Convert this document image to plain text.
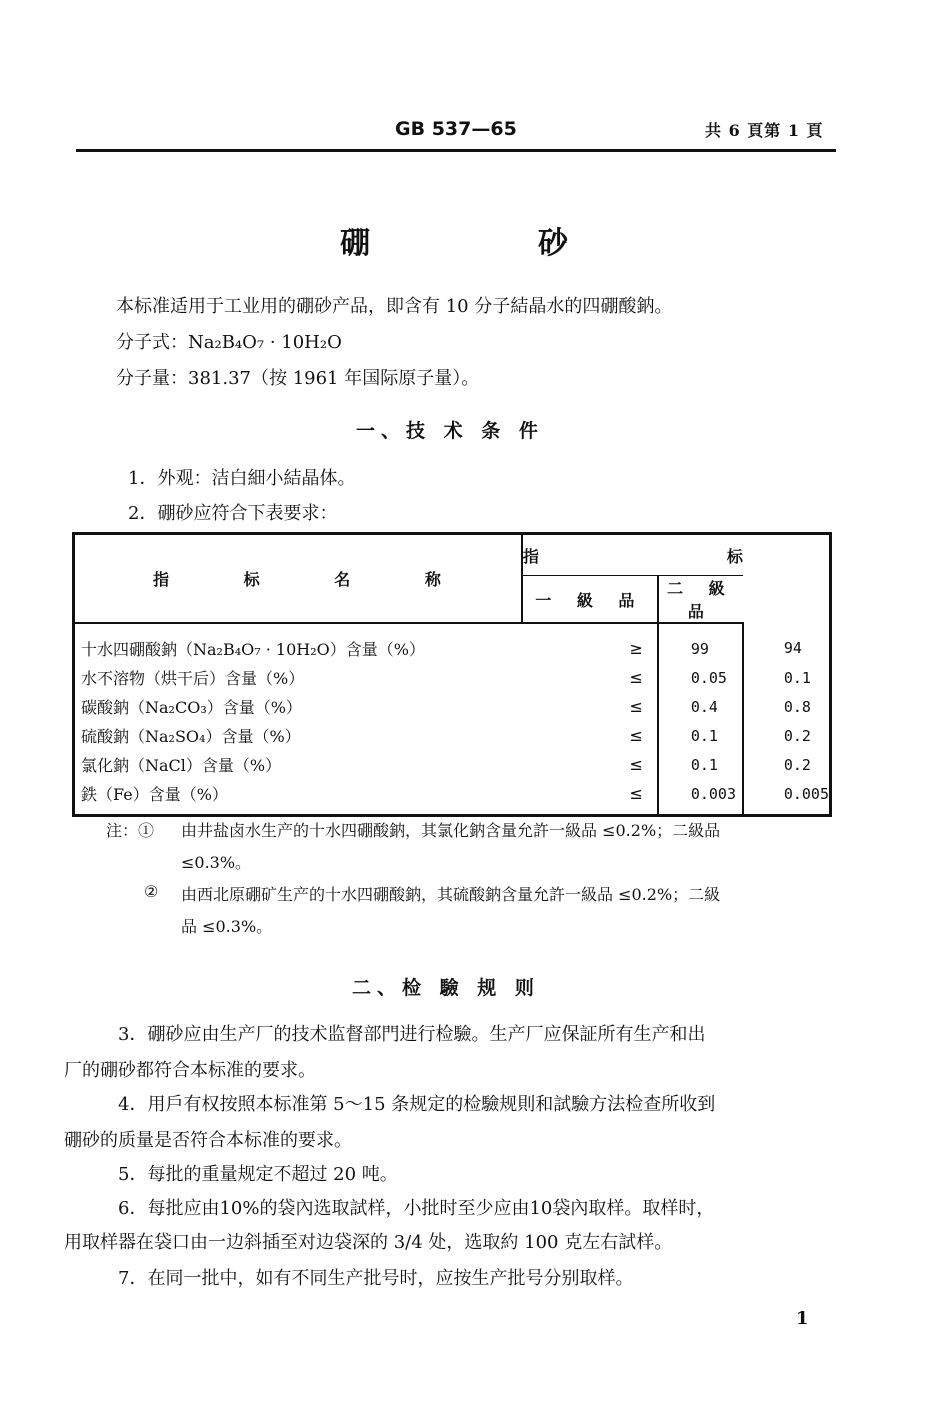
GB 537—65	共 6 頁第 1 頁
硼	砂
本标准适用于工业用的硼砂产品，即含有 10 分子結晶水的四硼酸鈉。
分子式：Na₂B₄O₇ · 10H₂O
分子量：381.37（按 1961 年国际原子量）。
一、技 术 条 件
1．外观：洁白細小結晶体。
2．硼砂应符合下表要求：
指 标 名 称	指 标		

	一 級 品	二 級 品	
十水四硼酸鈉（Na₂B₄O₇ · 10H₂O）含量（%）	≥	99	94
水不溶物（烘干后）含量（%）	≤	0.05	0.1
碳酸鈉（Na₂CO₃）含量（%）	≤	0.4	0.8
硫酸鈉（Na₂SO₄）含量（%）	≤	0.1	0.2
氯化鈉（NaCl）含量（%）	≤	0.1	0.2
鉄（Fe）含量（%）	≤	0.003	0.005
注：① 由井盐卤水生产的十水四硼酸鈉，其氯化鈉含量允許一級品 ≤0.2%；二級品
≤0.3%。
② 由西北原硼矿生产的十水四硼酸鈉，其硫酸鈉含量允許一級品 ≤0.2%；二級
品 ≤0.3%。
二、检 驗 规 则
3．硼砂应由生产厂的技术监督部門进行检驗。生产厂应保証所有生产和出
厂的硼砂都符合本标准的要求。
4．用戶有权按照本标准第 5～15 条规定的检驗规則和試驗方法检查所收到
硼砂的质量是否符合本标准的要求。
5．每批的重量规定不超过 20 吨。
6．每批应由10%的袋內选取試样，小批时至少应由10袋內取样。取样时，
用取样器在袋口由一边斜插至对边袋深的 3/4 处，选取約 100 克左右試样。
7．在同一批中，如有不同生产批号时，应按生产批号分别取样。
1
